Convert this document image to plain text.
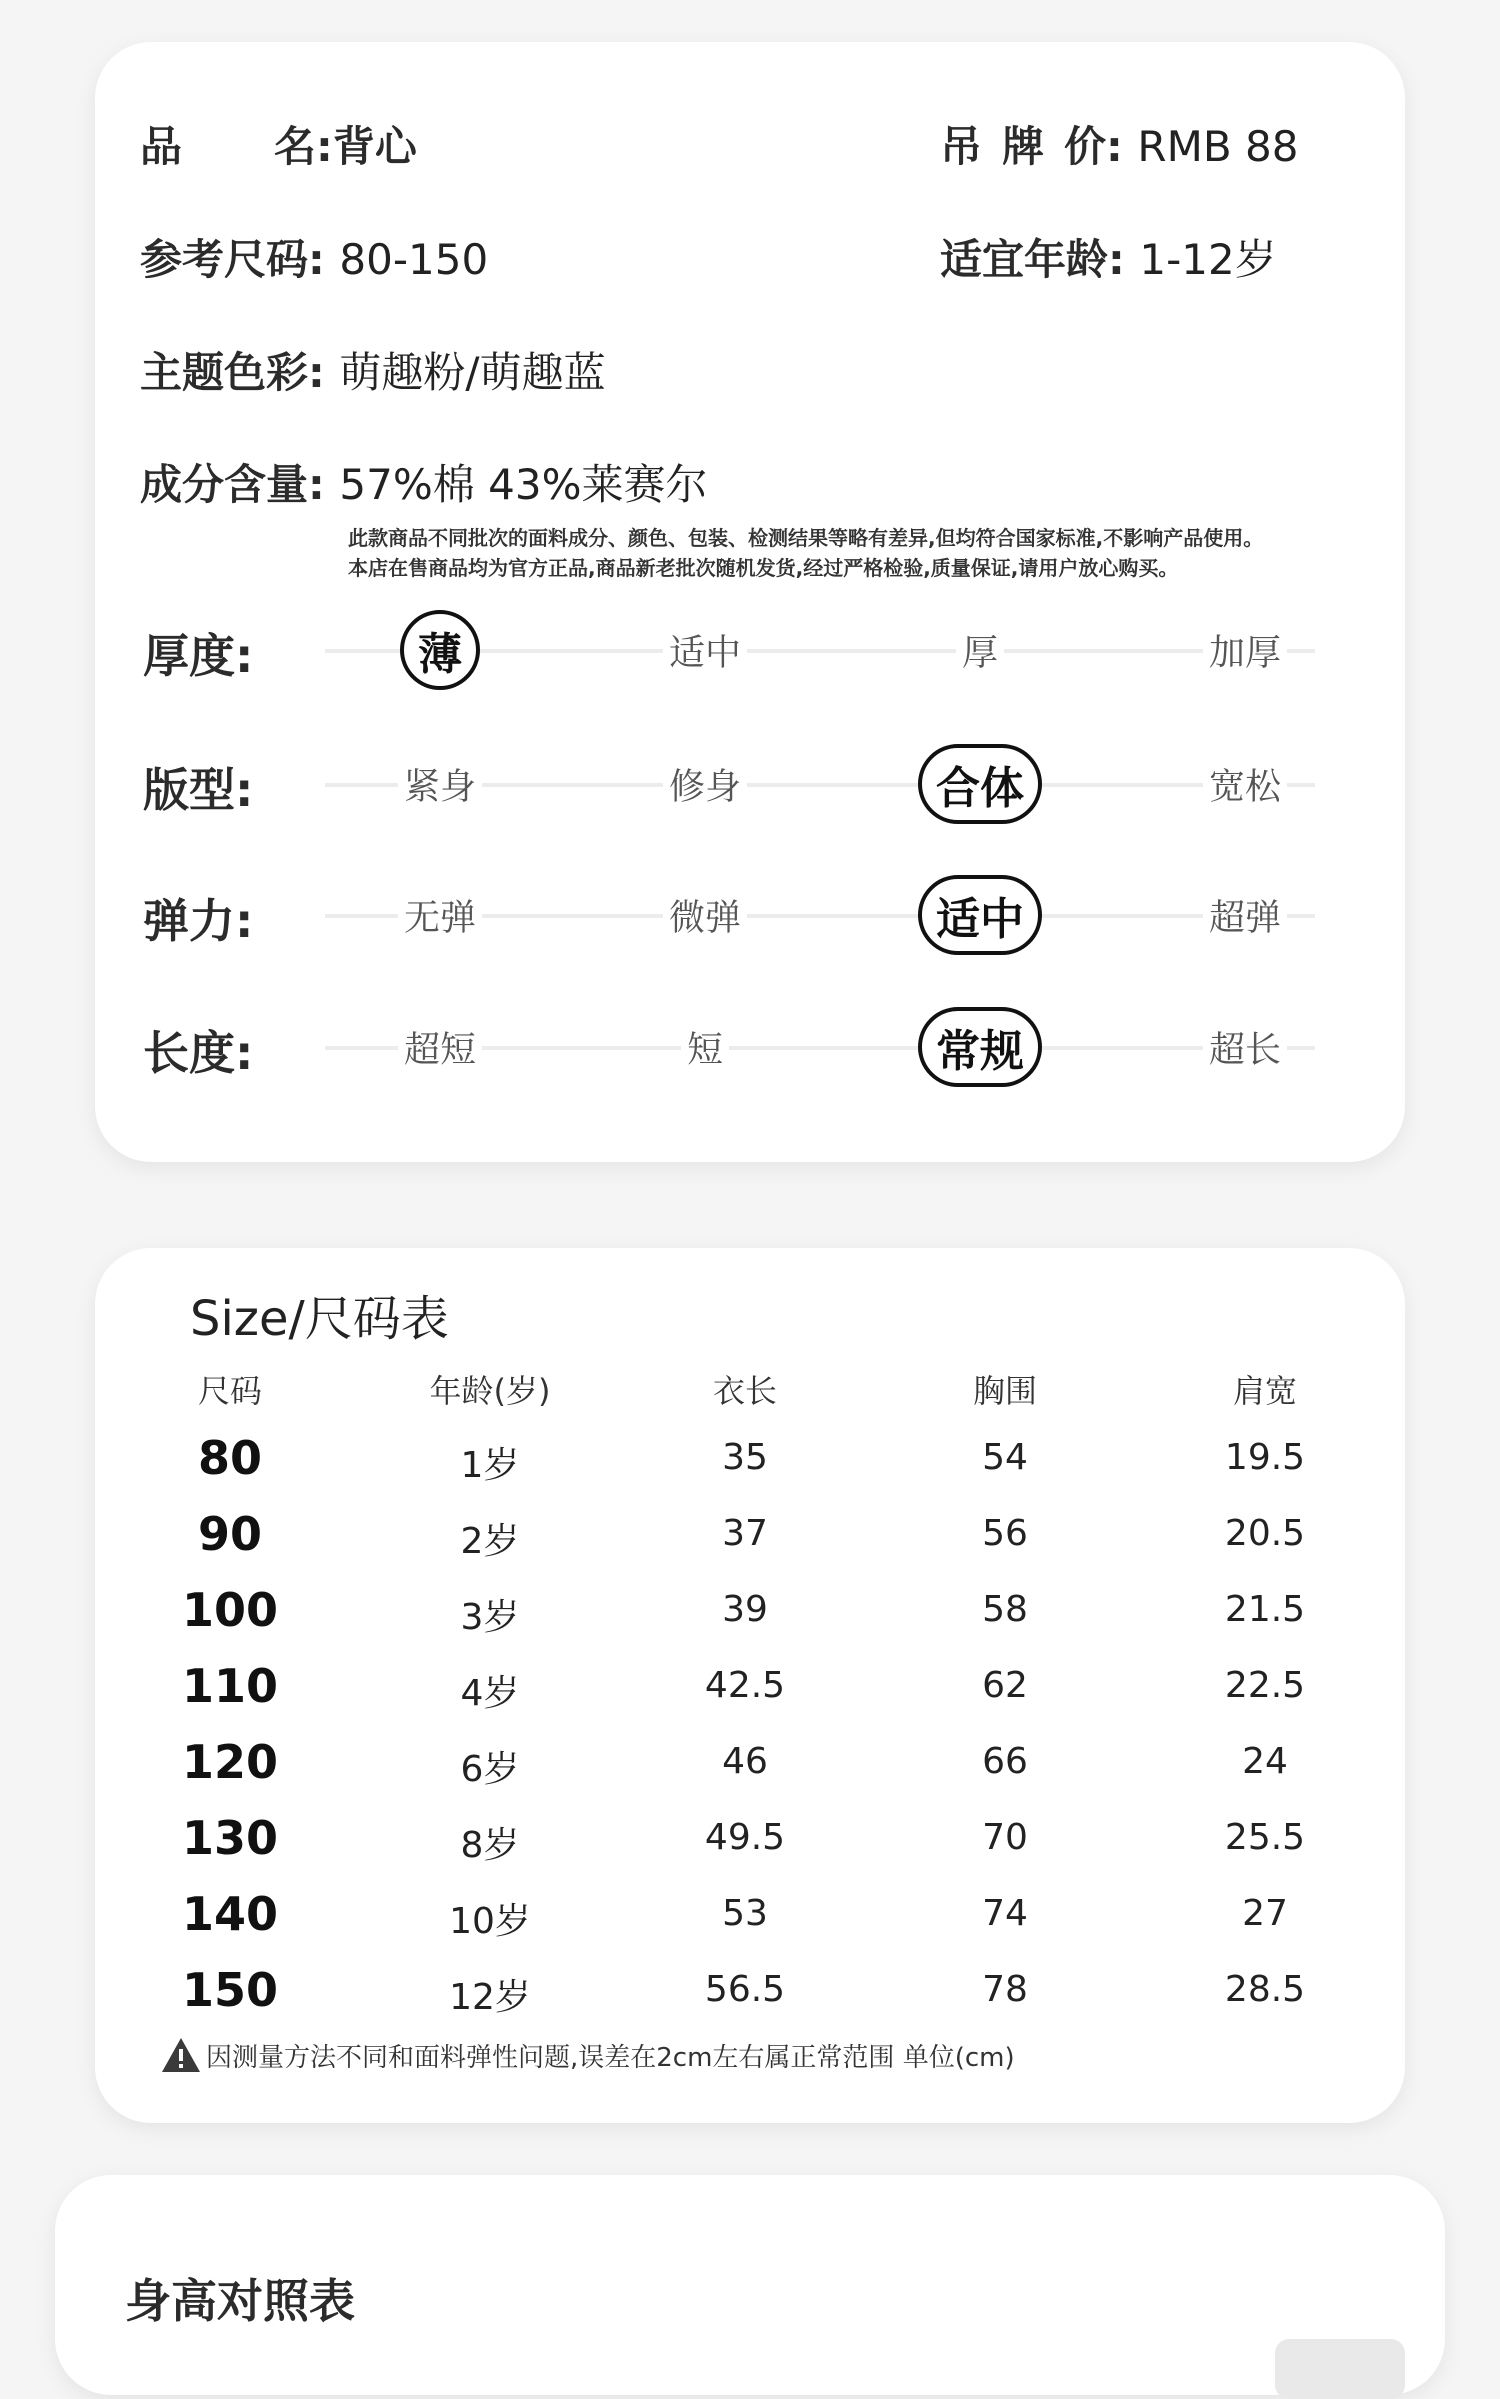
品 名:背心	吊 牌 价: RMB 88
参考尺码: 80-150	适宜年龄: 1-12岁
主题色彩: 萌趣粉/萌趣蓝
成分含量: 57%棉 43%莱赛尔
此款商品不同批次的面料成分、颜色、包装、检测结果等略有差异,但均符合国家标准,不影响产品使用。
本店在售商品均为官方正品,商品新老批次随机发货,经过严格检验,质量保证,请用户放心购买。
厚度:	薄	适中	厚	加厚
版型:	紧身	修身	合体	宽松
弹力:	无弹	微弹	适中	超弹
长度:	超短	短	常规	超长
Size/尺码表
尺码	年龄(岁)	衣长	胸围	肩宽
80	1岁	35	54	19.5
90	2岁	37	56	20.5
100	3岁	39	58	21.5
110	4岁	42.5	62	22.5
120	6岁	46	66	24
130	8岁	49.5	70	25.5
140	10岁	53	74	27
150	12岁	56.5	78	28.5
因测量方法不同和面料弹性问题,误差在2cm左右属正常范围 单位(cm)
身高对照表
